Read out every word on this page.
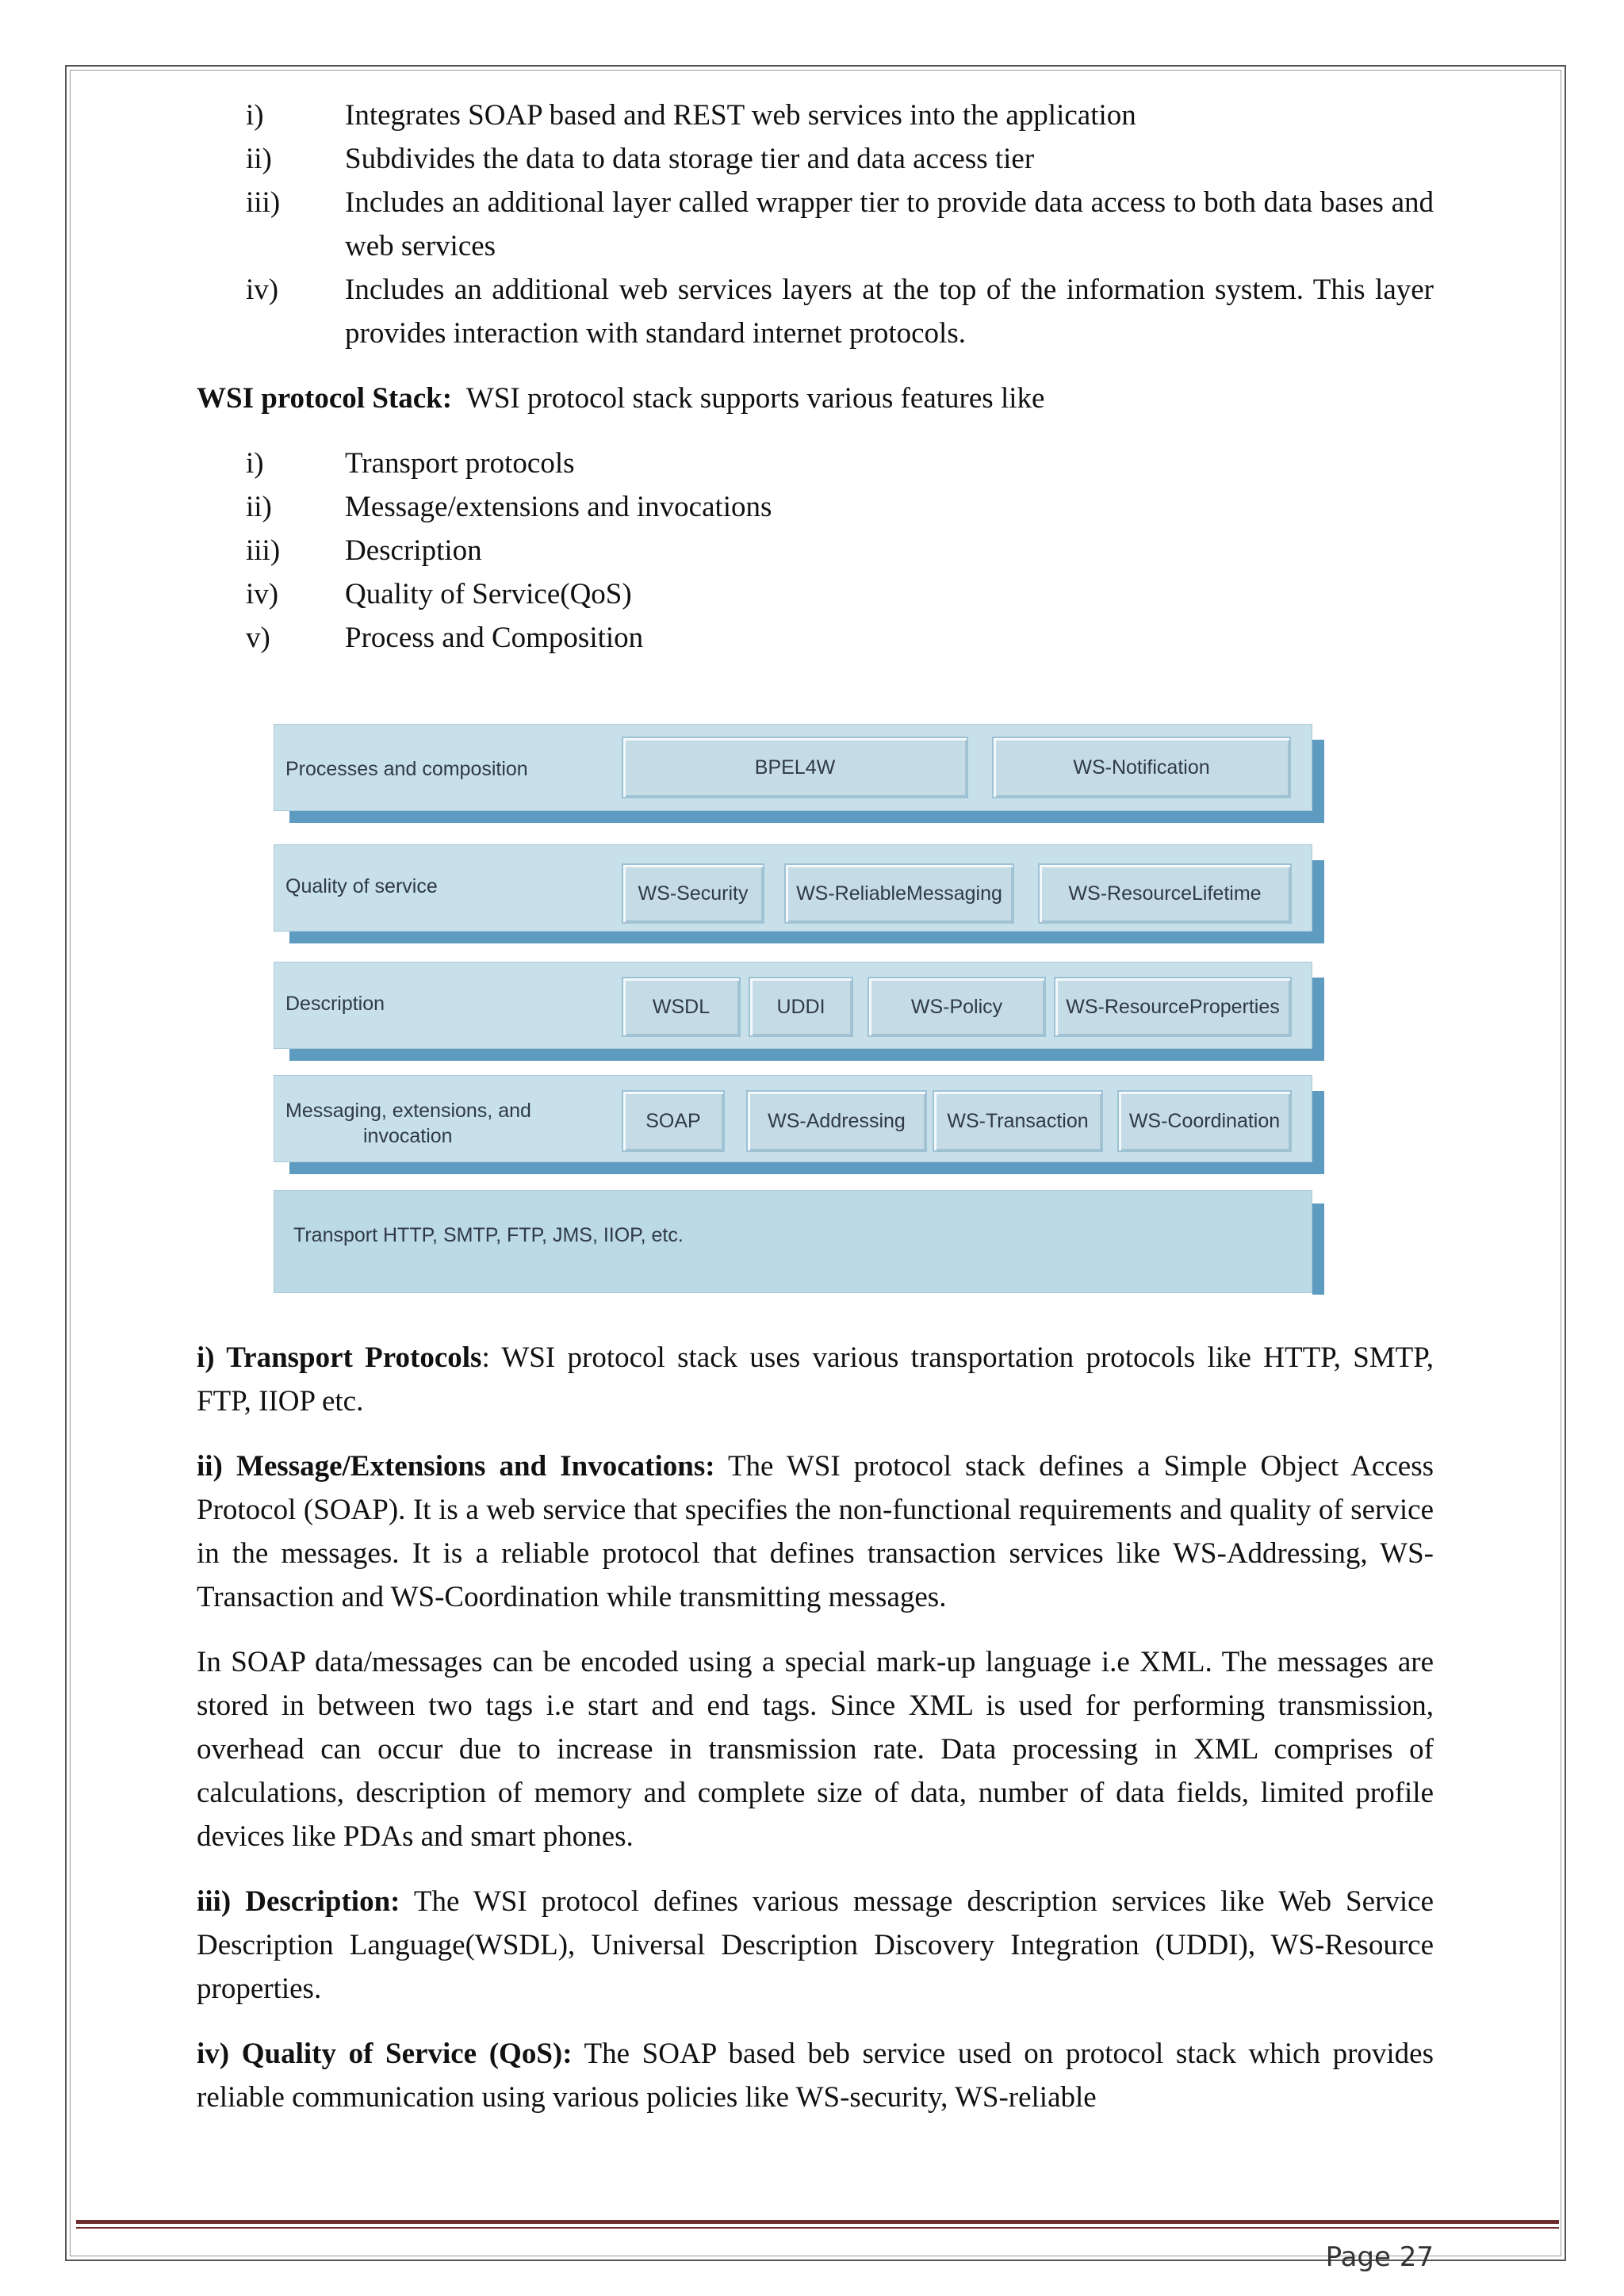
i)	Integrates SOAP based and REST web services into the application
ii)	Subdivides the data to data storage tier and data access tier
iii)	Includes an additional layer called wrapper tier to provide data access to both data bases and web services
iv)	Includes an additional web services layers at the top of the information system. This layer provides interaction with standard internet protocols.

WSI protocol Stack:  WSI protocol stack supports various features like

i)	Transport protocols
ii)	Message/extensions and invocations
iii)	Description
iv)	Quality of Service(QoS)
v)	Process and Composition
Processes and composition	BPEL4W	WS-Notification
Quality of service	WS-Security	WS-ReliableMessaging	WS-ResourceLifetime
Description	WSDL	UDDI	WS-Policy	WS-ResourceProperties
Messaging, extensions, and
invocation
SOAP	WS-Addressing	WS-Transaction	WS-Coordination
Transport HTTP, SMTP, FTP, JMS, IIOP, etc.

i) Transport Protocols: WSI protocol stack uses various transportation protocols like HTTP, SMTP, FTP, IIOP etc.

ii) Message/Extensions and Invocations: The WSI protocol stack defines a Simple Object Access Protocol (SOAP). It is a web service that specifies the non-functional requirements and quality of service in the messages. It is a reliable protocol that defines transaction services like WS-Addressing, WS-Transaction and WS-Coordination while transmitting messages.

In SOAP data/messages can be encoded using a special mark-up language i.e XML. The messages are stored in between two tags i.e start and end tags. Since XML is used for performing transmission, overhead can occur due to increase in transmission rate. Data processing in XML comprises of calculations, description of memory and complete size of data, number of data fields, limited profile devices like PDAs and smart phones.

iii) Description: The WSI protocol defines various message description services like Web Service Description Language(WSDL), Universal Description Discovery Integration (UDDI), WS-Resource properties.

iv) Quality of Service (QoS): The SOAP based beb service used on protocol stack which provides reliable communication using various policies like WS-security, WS-reliable

Page 27
